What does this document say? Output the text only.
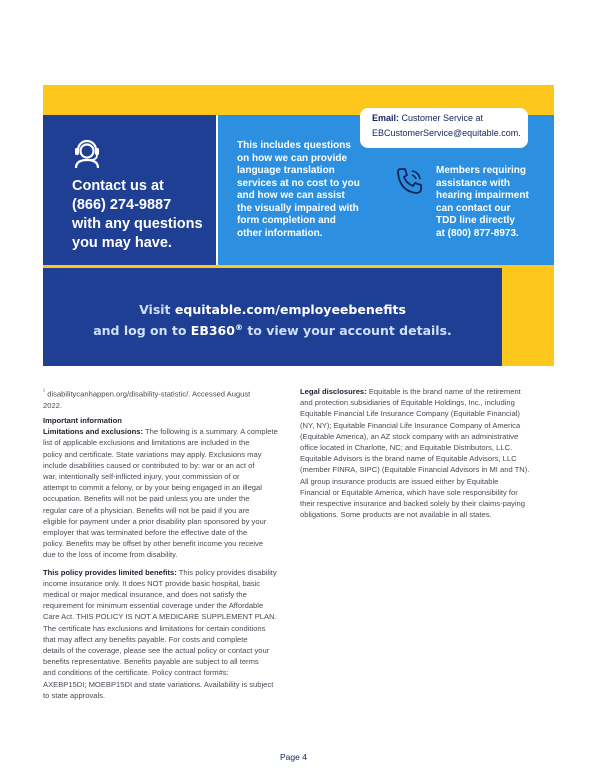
Contact us at
(866) 274-9887
with any questions
you may have.
This includes questions
on how we can provide
language translation
services at no cost to you
and how we can assist
the visually impaired with
form completion and
other information.
Members requiring
assistance with
hearing impairment
can contact our
TDD line directly
at (800) 877-8973.
Email: Customer Service at
EBCustomerService@equitable.com.
Visit equitable.com/employeebenefits
and log on to EB360® to view your account details.

$^{^1}$ disabilitycanhappen.org/disability-statistic/. Accessed August

2022.

Important information

Limitations and exclusions: The following is a summary. A complete

list of applicable exclusions and limitations are included in the

policy and certificate. State variations may apply. Exclusions may

include disabilities caused or contributed to by: war or an act of

war, intentionally self-inflicted injury, your commission of or

attempt to commit a felony, or by your being engaged in an illegal

occupation. Benefits will not be paid unless you are under the

regular care of a physician. Benefits will not be paid if you are

eligible for payment under a prior disability plan sponsored by your

employer that was terminated before the effective date of the

policy. Benefits may be offset by other benefit income you receive

due to the loss of income from disability.

This policy provides limited benefits: This policy provides disability

income insurance only. It does NOT provide basic hospital, basic

medical or major medical insurance, and does not satisfy the

requirement for minimum essential coverage under the Affordable

Care Act. THIS POLICY IS NOT A MEDICARE SUPPLEMENT PLAN.

The certificate has exclusions and limitations for certain conditions

that may affect any benefits payable. For costs and complete

details of the coverage, please see the actual policy or contact your

benefits representative. Benefits payable are subject to all terms

and conditions of the certificate. Policy contract form#s:

AXEBP15DI; MOEBP15DI and state variations. Availability is subject

to state approvals.

Legal disclosures: Equitable is the brand name of the retirement

and protection subsidiaries of Equitable Holdings, Inc., including

Equitable Financial Life Insurance Company (Equitable Financial)

(NY, NY); Equitable Financial Life Insurance Company of America

(Equitable America), an AZ stock company with an administrative

office located in Charlotte, NC; and Equitable Distributors, LLC.

Equitable Advisors is the brand name of Equitable Advisors, LLC

(member FINRA, SIPC) (Equitable Financial Advisors in MI and TN).

All group insurance products are issued either by Equitable

Financial or Equitable America, which have sole responsibility for

their respective insurance and backed solely by their claims-paying

obligations. Some products are not available in all states.

Page 4
